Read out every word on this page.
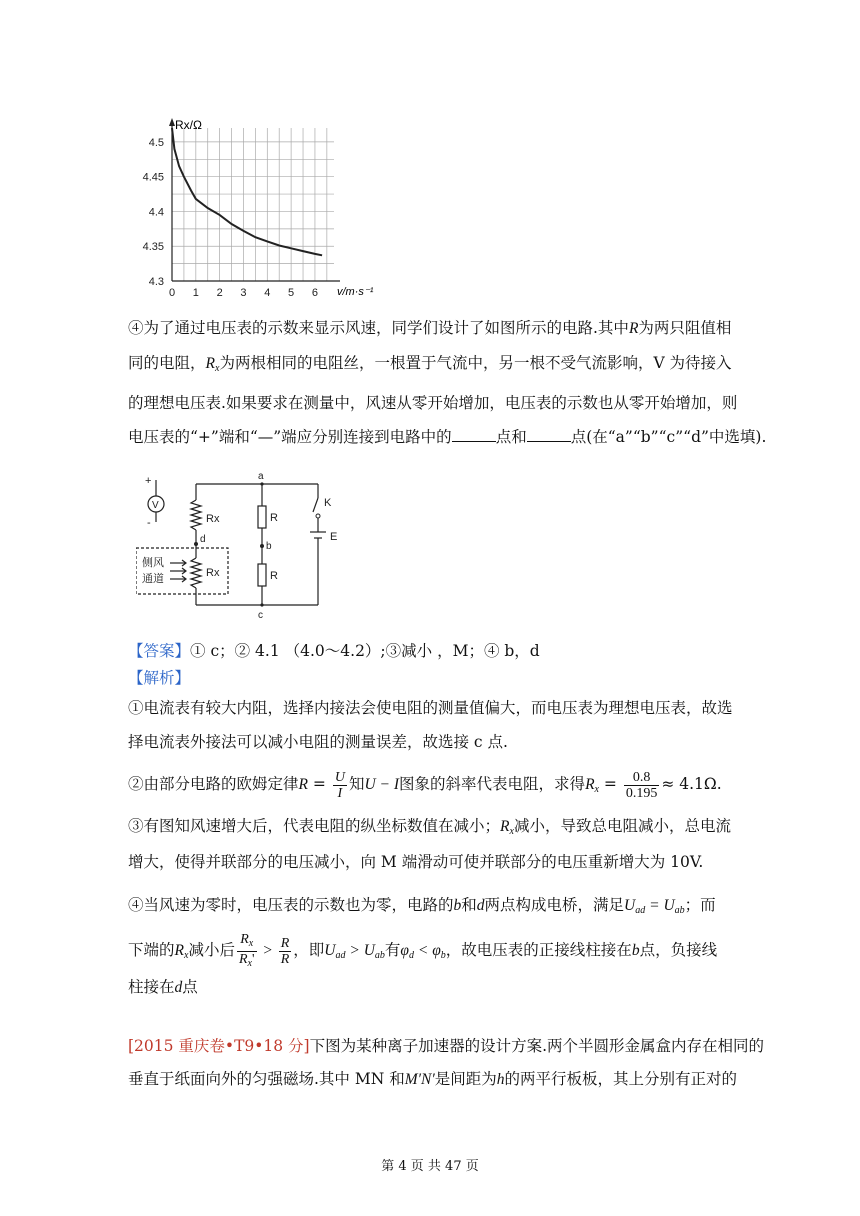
0 1 2 3 4 5 6
4.3
4.35
4.4
4.45
4.5
Rx/Ω
v/m·s⁻¹
④为了通过电压表的示数来显示风速，同学们设计了如图所示的电路.其中R为两只阻值相
同的电阻，$R_x$为两根相同的电阻丝，一根置于气流中，另一根不受气流影响，V 为待接入
的理想电压表.如果要求在测量中，风速从零开始增加，电压表的示数也从零开始增加，则
电压表的“+”端和“—”端应分别连接到电路中的	点和	点(在“a”“b”“c”“d”中选填).
+
-
V
a
b
c
d
Rx
Rx
R
R
K
E
侧风
通道
【答案】① c；② 4.1 （4.0～4.2）;③减小 ，M；④ b，d
【解析】
①电流表有较大内阻，选择内接法会使电阻的测量值偏大，而电压表为理想电压表，故选
择电流表外接法可以减小电阻的测量误差，故选接 c 点.
②由部分电路的欧姆定律$R = \frac{U}{I}$ 知U − I图象的斜率代表电阻，求得$R_x = \frac{0.8}{0.195} \approx 4.1\Omega$.
③有图知风速增大后，代表电阻的纵坐标数值在减小；$R_x$减小，导致总电阻减小，总电流
增大，使得并联部分的电压减小，向 M 端滑动可使并联部分的电压重新增大为 10V.
④当风速为零时，电压表的示数也为零，电路的b和d两点构成电桥，满足$U_{ad} = U_{ab}$；而
下端的$R_x$减小后 $\frac{R_x}{R_x'} > \frac{R}{R}$ ，即$U_{ad} > U_{ab}$有$\varphi_d < \varphi_b$，故电压表的正接线柱接在b点，负接线
柱接在d点
[2015 重庆卷•T9•18 分]下图为某种离子加速器的设计方案.两个半圆形金属盒内存在相同的
垂直于纸面向外的匀强磁场.其中 MN 和M′N′是间距为h的两平行板板，其上分别有正对的
第 4 页 共 47 页
